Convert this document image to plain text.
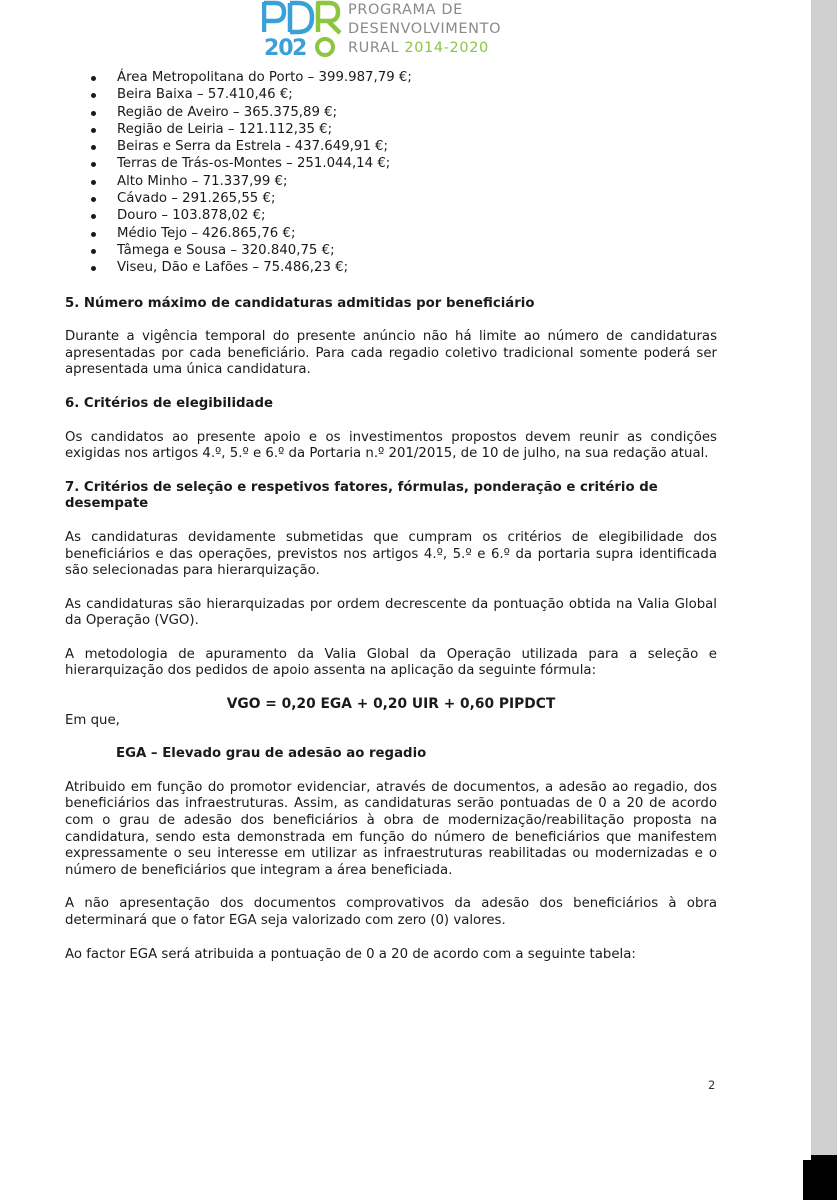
20 2
PROGRAMA DE
DESENVOLVIMENTO
RURAL 2014-2020
Área Metropolitana do Porto – 399.987,79 €;
Beira Baixa – 57.410,46 €;
Região de Aveiro – 365.375,89 €;
Região de Leiria – 121.112,35 €;
Beiras e Serra da Estrela - 437.649,91 €;
Terras de Trás-os-Montes – 251.044,14 €;
Alto Minho – 71.337,99 €;
Cávado – 291.265,55 €;
Douro – 103.878,02 €;
Médio Tejo – 426.865,76 €;
Tâmega e Sousa – 320.840,75 €;
Viseu, Dão e Lafões – 75.486,23 €;
5. Número máximo de candidaturas admitidas por beneficiário

Durante a vigência temporal do presente anúncio não há limite ao número de candidaturas apresentadas por cada beneficiário. Para cada regadio coletivo tradicional somente poderá ser apresentada uma única candidatura.

6. Critérios de elegibilidade

Os candidatos ao presente apoio e os investimentos propostos devem reunir as condições exigidas nos artigos 4.º, 5.º e 6.º da Portaria n.º 201/2015, de 10 de julho, na sua redação atual.

7. Critérios de seleção e respetivos fatores, fórmulas, ponderação e critério de desempate

As candidaturas devidamente submetidas que cumpram os critérios de elegibilidade dos beneficiários e das operações, previstos nos artigos 4.º, 5.º e 6.º da portaria supra identificada são selecionadas para hierarquização.

As candidaturas são hierarquizadas por ordem decrescente da pontuação obtida na Valia Global da Operação (VGO).

A metodologia de apuramento da Valia Global da Operação utilizada para a seleção e hierarquização dos pedidos de apoio assenta na aplicação da seguinte fórmula:

VGO = 0,20 EGA + 0,20 UIR + 0,60 PIPDCT

Em que,

EGA – Elevado grau de adesão ao regadio

Atribuido em função do promotor evidenciar, através de documentos, a adesão ao regadio, dos beneficiários das infraestruturas. Assim, as candidaturas serão pontuadas de 0 a 20 de acordo com o grau de adesão dos beneficiários à obra de modernização/reabilitação proposta na candidatura, sendo esta demonstrada em função do número de beneficiários que manifestem expressamente o seu interesse em utilizar as infraestruturas reabilitadas ou modernizadas e o número de beneficiários que integram a área beneficiada.

A não apresentação dos documentos comprovativos da adesão dos beneficiários à obra determinará que o fator EGA seja valorizado com zero (0) valores.

Ao factor EGA será atribuida a pontuação de 0 a 20 de acordo com a seguinte tabela:

2
